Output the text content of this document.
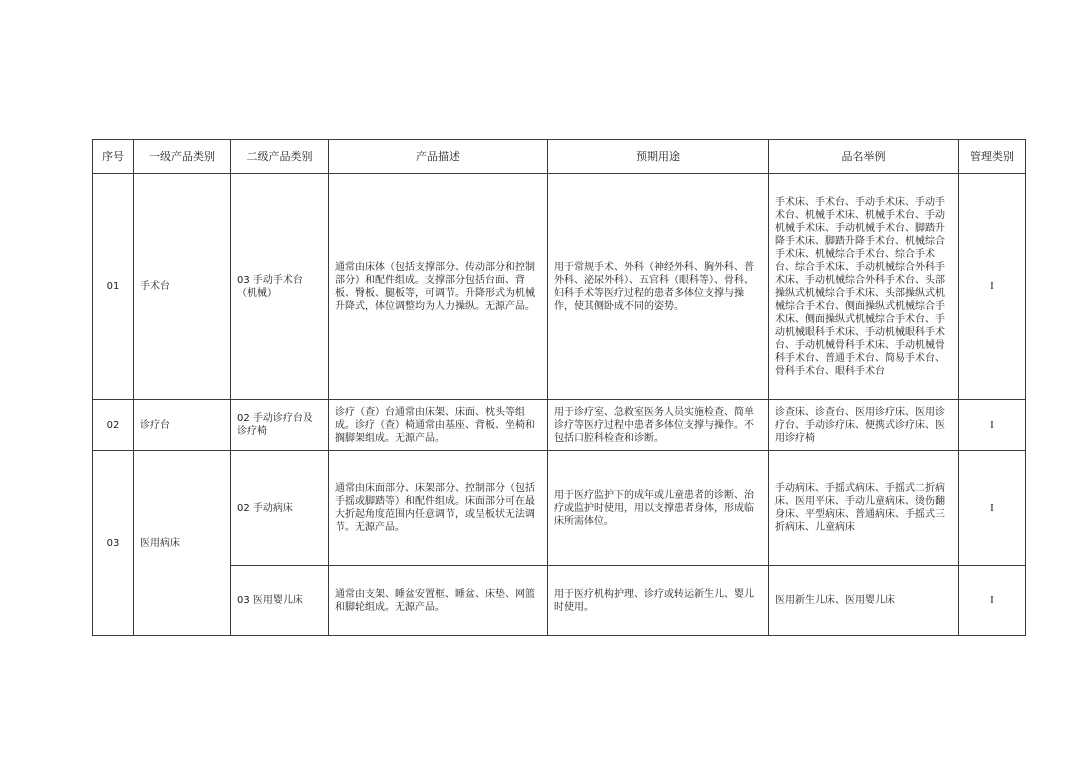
序号	一级产品类别	二级产品类别	产品描述	预期用途	品名举例	管理类别
01	手术台	03 手动手术台（机械）	通常由床体（包括支撑部分、传动部分和控制部分）和配件组成。支撑部分包括台面、背板、臀板、腿板等，可调节。升降形式为机械升降式，体位调整均为人力操纵。无源产品。	用于常规手术、外科（神经外科、胸外科、普外科、泌尿外科）、五官科（眼科等）、骨科、妇科手术等医疗过程的患者多体位支撑与操作，使其侧卧成不同的姿势。	手术床、手术台、手动手术床、手动手术台、机械手术床、机械手术台、手动机械手术床、手动机械手术台、脚踏升降手术床、脚踏升降手术台、机械综合手术床、机械综合手术台、综合手术台、综合手术床、手动机械综合外科手术床、手动机械综合外科手术台、头部操纵式机械综合手术床、头部操纵式机械综合手术台、侧面操纵式机械综合手术床、侧面操纵式机械综合手术台、手动机械眼科手术床、手动机械眼科手术台、手动机械骨科手术床、手动机械骨科手术台、普通手术台、简易手术台、骨科手术台、眼科手术台	I
02	诊疗台	02 手动诊疗台及诊疗椅	诊疗（查）台通常由床架、床面、枕头等组成。诊疗（查）椅通常由基座、背板、坐椅和搁脚架组成。无源产品。	用于诊疗室、急救室医务人员实施检查、简单诊疗等医疗过程中患者多体位支撑与操作。不包括口腔科检查和诊断。	诊查床、诊查台、医用诊疗床、医用诊疗台、手动诊疗床、便携式诊疗床、医用诊疗椅	I
03	医用病床	02 手动病床	通常由床面部分、床架部分、控制部分（包括手摇或脚踏等）和配件组成。床面部分可在最大折起角度范围内任意调节，或呈板状无法调节。无源产品。	用于医疗监护下的成年或儿童患者的诊断、治疗或监护时使用，用以支撑患者身体，形成临床所需体位。	手动病床、手摇式病床、手摇式二折病床、医用平床、手动儿童病床、烫伤翻身床、平型病床、普通病床、手摇式三折病床、儿童病床	I
		03 医用婴儿床	通常由支架、睡盆安置框、睡盆、床垫、网篮和脚轮组成。无源产品。	用于医疗机构护理、诊疗或转运新生儿、婴儿时使用。	医用新生儿床、医用婴儿床	I
